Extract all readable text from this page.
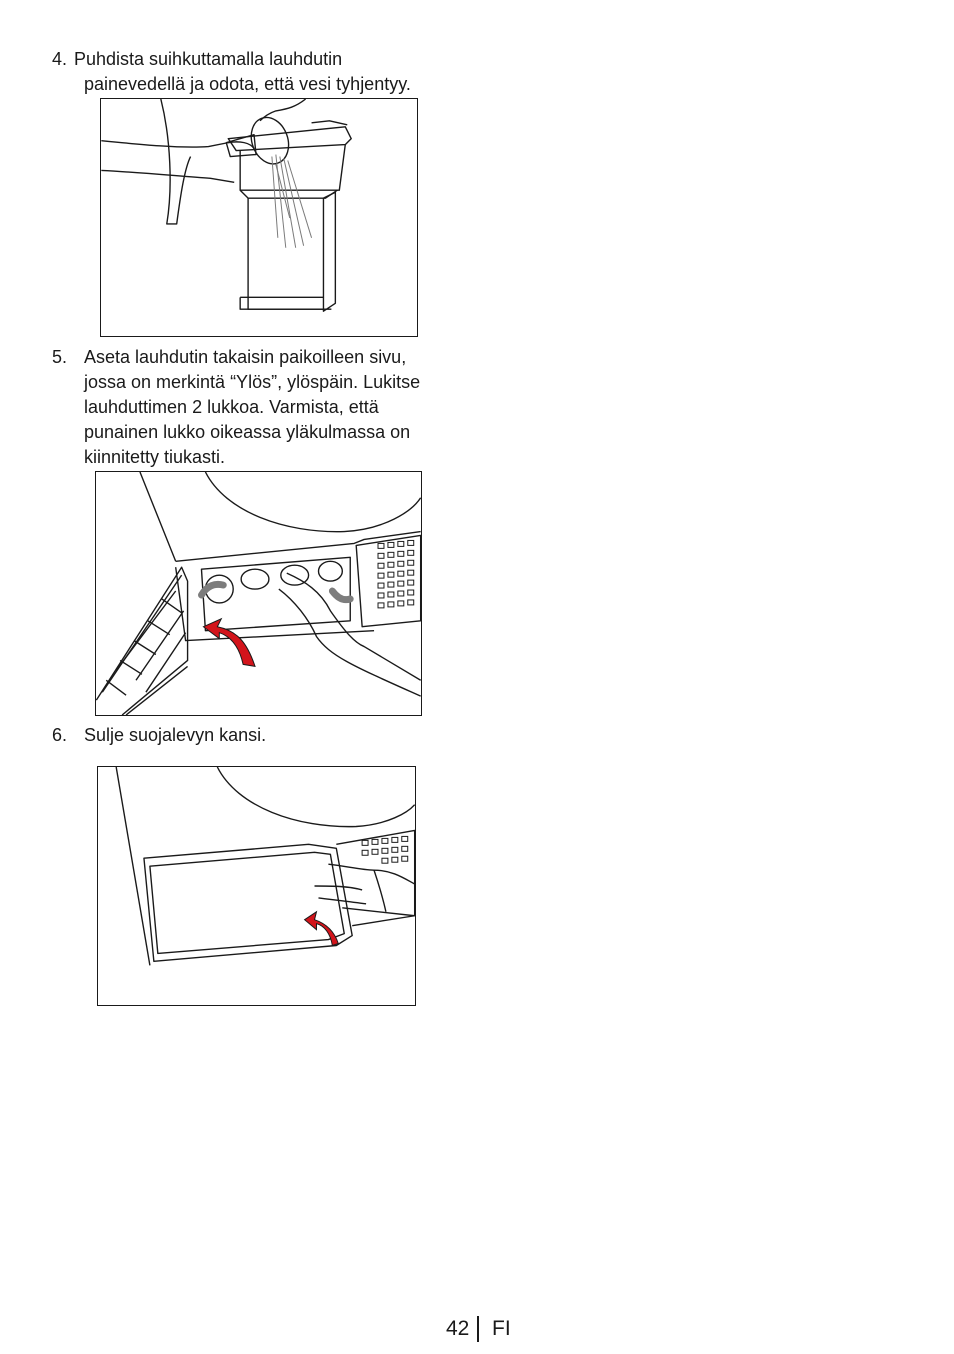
4. Puhdista suihkuttamalla lauhdutin
painevedellä ja odota, että vesi tyhjentyy.
5. Aseta lauhdutin takaisin paikoilleen sivu,
jossa on merkintä “Ylös”, ylöspäin. Lukitse
lauhduttimen 2 lukkoa. Varmista, että
punainen lukko oikeassa yläkulmassa on
kiinnitetty tiukasti.
6. Sulje suojalevyn kansi.
42 FI
